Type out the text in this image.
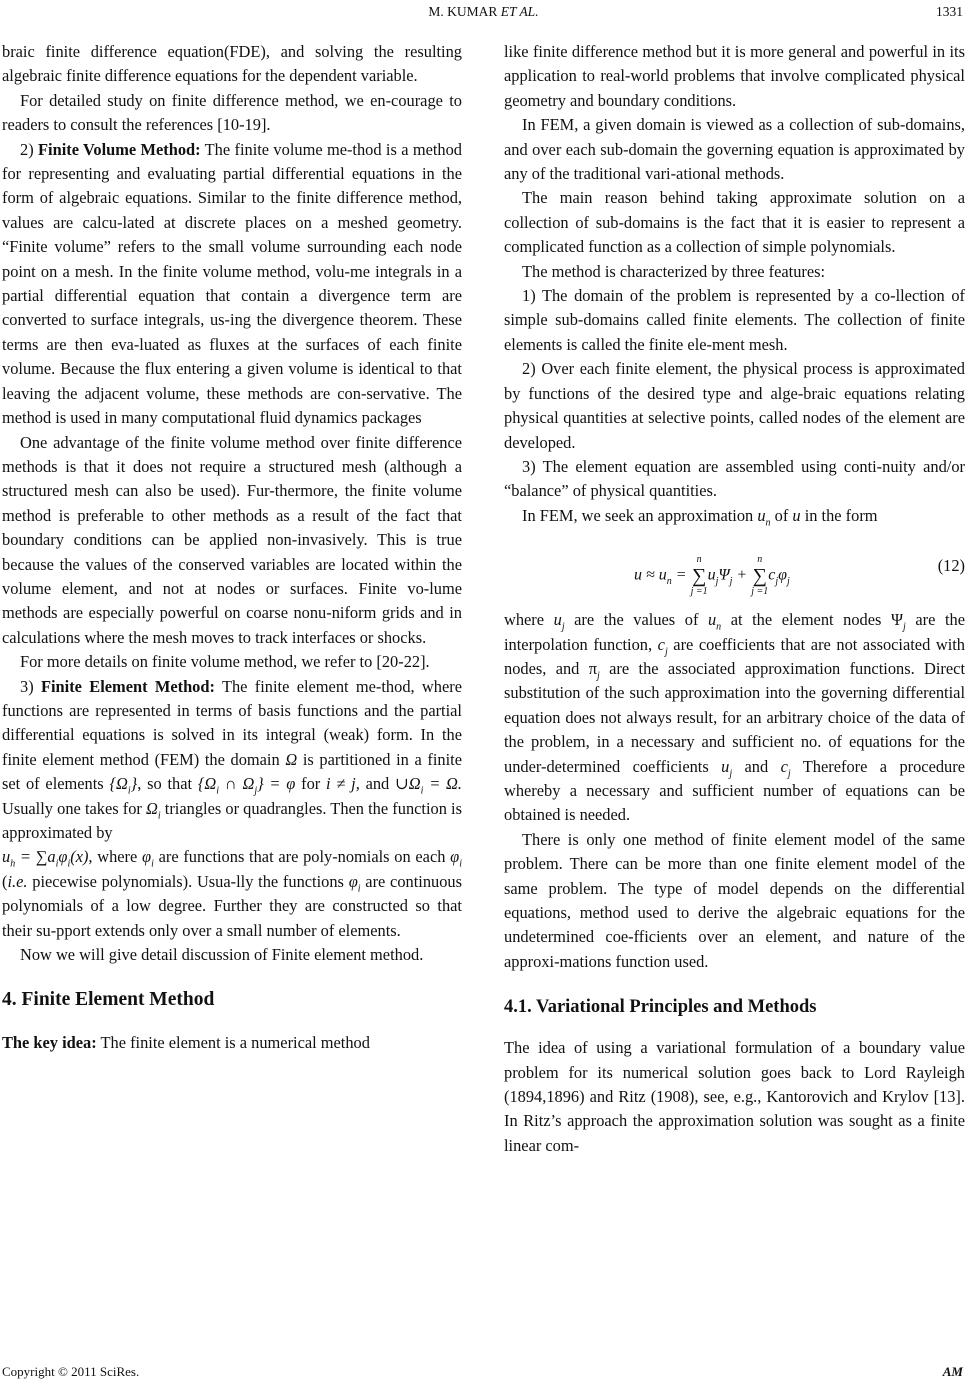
M. KUMAR ET AL.	1331

braic finite difference equation(FDE), and solving the resulting algebraic finite difference equations for the dependent variable.

For detailed study on finite difference method, we en-courage to readers to consult the references [10-19].

2) Finite Volume Method: The finite volume me-thod is a method for representing and evaluating partial differential equations in the form of algebraic equations. Similar to the finite difference method, values are calcu-lated at discrete places on a meshed geometry. “Finite volume” refers to the small volume surrounding each node point on a mesh. In the finite volume method, volu-me integrals in a partial differential equation that contain a divergence term are converted to surface integrals, us-ing the divergence theorem. These terms are then eva-luated as fluxes at the surfaces of each finite volume. Because the flux entering a given volume is identical to that leaving the adjacent volume, these methods are con-servative. The method is used in many computational fluid dynamics packages

One advantage of the finite volume method over finite difference methods is that it does not require a structured mesh (although a structured mesh can also be used). Fur-thermore, the finite volume method is preferable to other methods as a result of the fact that boundary conditions can be applied non-invasively. This is true because the values of the conserved variables are located within the volume element, and not at nodes or surfaces. Finite vo-lume methods are especially powerful on coarse nonu-niform grids and in calculations where the mesh moves to track interfaces or shocks.

For more details on finite volume method, we refer to [20-22].

3) Finite Element Method: The finite element me-thod, where functions are represented in terms of basis functions and the partial differential equations is solved in its integral (weak) form. In the finite element method (FEM) the domain Ω is partitioned in a finite set of elements $\{\Omega_i\}$, so that {$\Omega_i$ ∩ $\Omega_j\} = \varphi$ for i ≠ j, and $\cup\Omega_i = \Omega$. Usually one takes for $\Omega_i$ triangles or quadrangles. Then the function is approximated by
$u_h = \sum a_i\varphi_i(x)$, where $\varphi_i$ are functions that are poly-nomials on each $\varphi_i$ (i.e. piecewise polynomials). Usua-lly the functions $\varphi_i$ are continuous polynomials of a low degree. Further they are constructed so that their su-pport extends only over a small number of elements.

Now we will give detail discussion of Finite element method.

4. Finite Element Method

The key idea: The finite element is a numerical method

like finite difference method but it is more general and powerful in its application to real-world problems that involve complicated physical geometry and boundary conditions.

In FEM, a given domain is viewed as a collection of sub-domains, and over each sub-domain the governing equation is approximated by any of the traditional vari-ational methods.

The main reason behind taking approximate solution on a collection of sub-domains is the fact that it is easier to represent a complicated function as a collection of simple polynomials.

The method is characterized by three features:

1) The domain of the problem is represented by a co-llection of simple sub-domains called finite elements. The collection of finite elements is called the finite ele-ment mesh.

2) Over each finite element, the physical process is approximated by functions of the desired type and alge-braic equations relating physical quantities at selective points, called nodes of the element are developed.

3) The element equation are assembled using conti-nuity and/or “balance” of physical quantities.

In FEM, we seek an approximation $u_n$ of u in the form

$u \approx u_n$ =
n
∑
j =1
$u_j\Psi_j$ +
n
∑
j =1
$c_j\varphi_j$
(12)

where $u_j$ are the values of $u_n$ at the element nodes $\Psi_j$ are the interpolation function, $c_j$ are coefficients that are not associated with nodes, and $\pi_j$ are the associated approximation functions. Direct substitution of the such approximation into the governing differential equation does not always result, for an arbitrary choice of the data of the problem, in a necessary and sufficient no. of equations for the under-determined coefficients $u_j$ and $c_j$ Therefore a procedure whereby a necessary and sufficient number of equations can be obtained is needed.

There is only one method of finite element model of the same problem. There can be more than one finite element model of the same problem. The type of model depends on the differential equations, method used to derive the algebraic equations for the undetermined coe-fficients over an element, and nature of the approxi-mations function used.

4.1. Variational Principles and Methods

The idea of using a variational formulation of a boundary value problem for its numerical solution goes back to Lord Rayleigh (1894,1896) and Ritz (1908), see, e.g., Kantorovich and Krylov [13]. In Ritz’s approach the approximation solution was sought as a finite linear com-

Copyright © 2011 SciRes.	AM
